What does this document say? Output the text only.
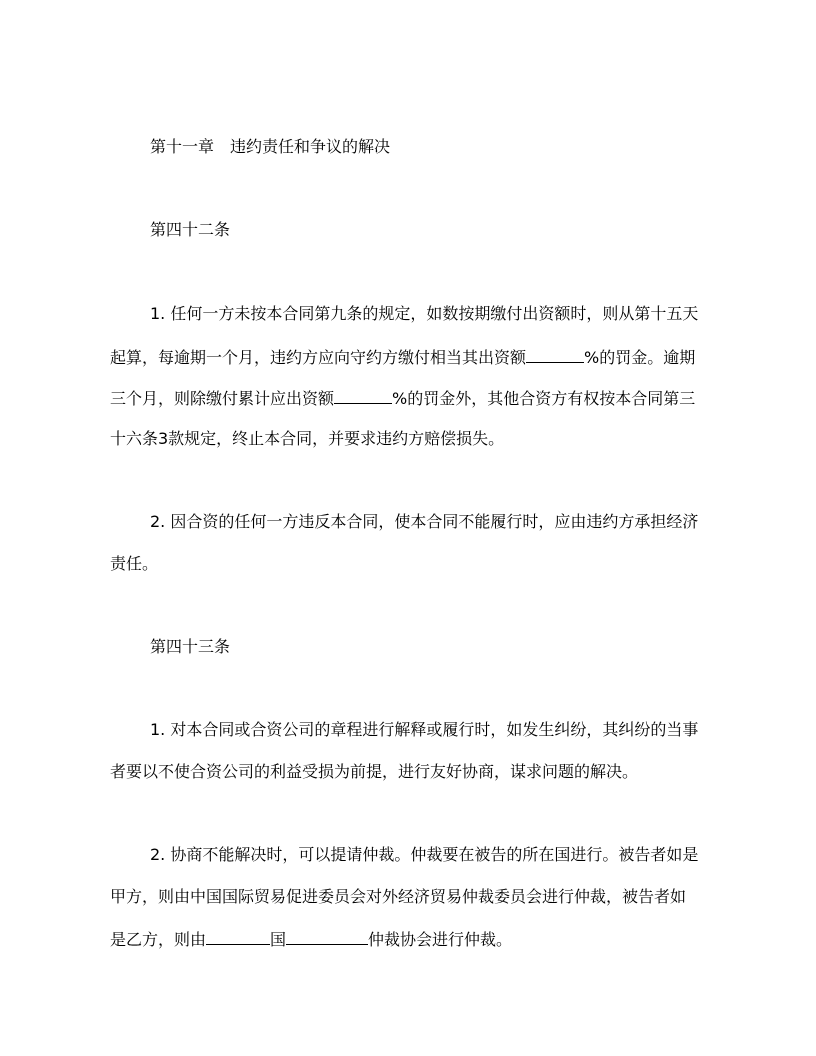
第十一章　违约责任和争议的解决
第四十二条
1. 任何一方未按本合同第九条的规定，如数按期缴付出资额时，则从第十五天
起算，每逾期一个月，违约方应向守约方缴付相当其出资额	%的罚金。逾期
三个月，则除缴付累计应出资额	%的罚金外，其他合资方有权按本合同第三
十六条3款规定，终止本合同，并要求违约方赔偿损失。
2. 因合资的任何一方违反本合同，使本合同不能履行时，应由违约方承担经济
责任。
第四十三条
1. 对本合同或合资公司的章程进行解释或履行时，如发生纠纷，其纠纷的当事
者要以不使合资公司的利益受损为前提，进行友好协商，谋求问题的解决。
2. 协商不能解决时，可以提请仲裁。仲裁要在被告的所在国进行。被告者如是
甲方，则由中国国际贸易促进委员会对外经济贸易仲裁委员会进行仲裁，被告者如
是乙方，则由	国	仲裁协会进行仲裁。
